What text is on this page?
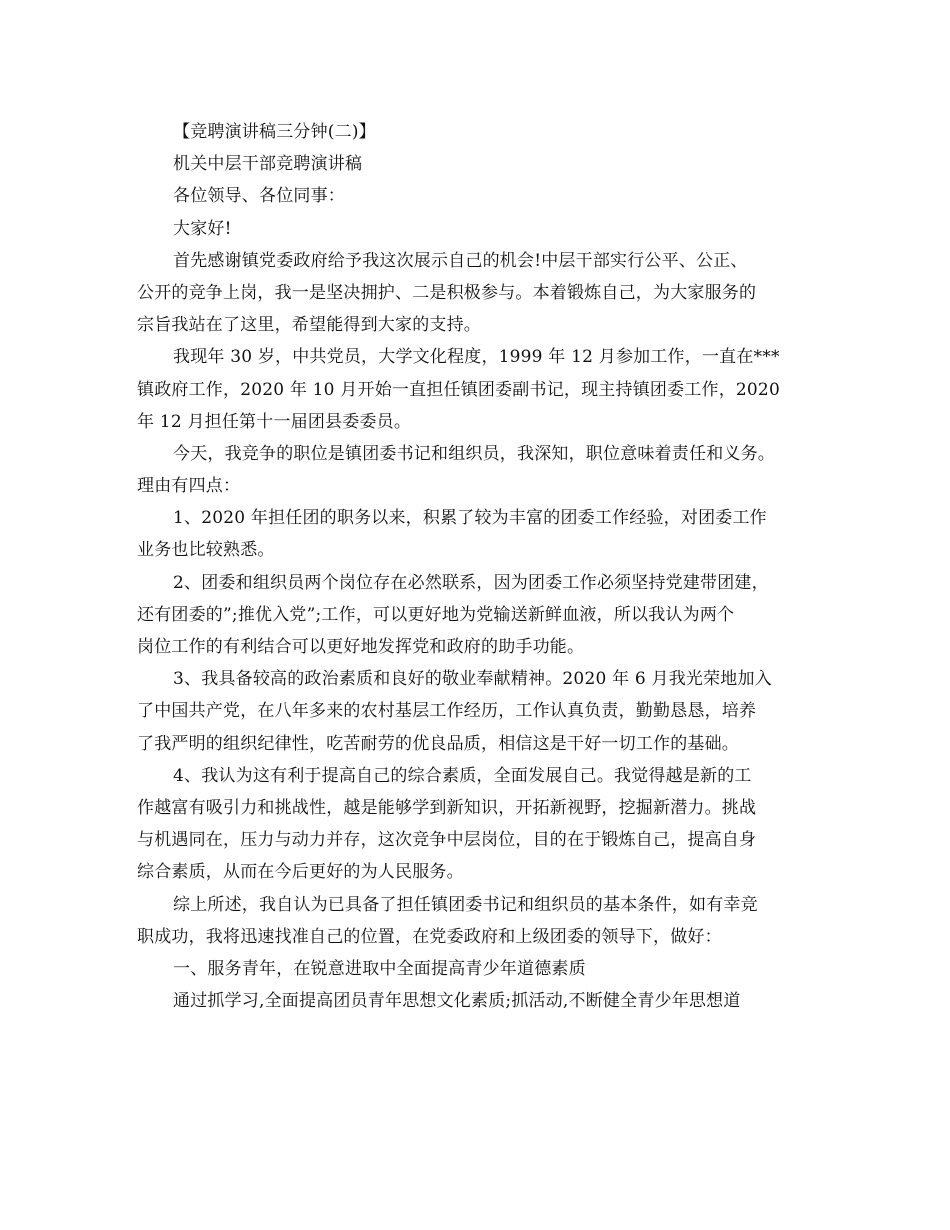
【竞聘演讲稿三分钟(二)】
机关中层干部竞聘演讲稿
各位领导、各位同事：
大家好!
首先感谢镇党委政府给予我这次展示自己的机会!中层干部实行公平、公正、
公开的竞争上岗，我一是坚决拥护、二是积极参与。本着锻炼自己，为大家服务的
宗旨我站在了这里，希望能得到大家的支持。
我现年 30 岁，中共党员，大学文化程度，1999 年 12 月参加工作，一直在***
镇政府工作，2020 年 10 月开始一直担任镇团委副书记，现主持镇团委工作，2020
年 12 月担任第十一届团县委委员。
今天，我竞争的职位是镇团委书记和组织员，我深知，职位意味着责任和义务。
理由有四点：
1、2020 年担任团的职务以来，积累了较为丰富的团委工作经验，对团委工作
业务也比较熟悉。
2、团委和组织员两个岗位存在必然联系，因为团委工作必须坚持党建带团建，
还有团委的”;推优入党”;工作，可以更好地为党输送新鲜血液，所以我认为两个
岗位工作的有利结合可以更好地发挥党和政府的助手功能。
3、我具备较高的政治素质和良好的敬业奉献精神。2020 年 6 月我光荣地加入
了中国共产党，在八年多来的农村基层工作经历，工作认真负责，勤勤恳恳，培养
了我严明的组织纪律性，吃苦耐劳的优良品质，相信这是干好一切工作的基础。
4、我认为这有利于提高自己的综合素质，全面发展自己。我觉得越是新的工
作越富有吸引力和挑战性，越是能够学到新知识，开拓新视野，挖掘新潜力。挑战
与机遇同在，压力与动力并存，这次竞争中层岗位，目的在于锻炼自己，提高自身
综合素质，从而在今后更好的为人民服务。
综上所述，我自认为已具备了担任镇团委书记和组织员的基本条件，如有幸竞
职成功，我将迅速找准自己的位置，在党委政府和上级团委的领导下，做好：
一、服务青年，在锐意进取中全面提高青少年道德素质
通过抓学习,全面提高团员青年思想文化素质;抓活动,不断健全青少年思想道
